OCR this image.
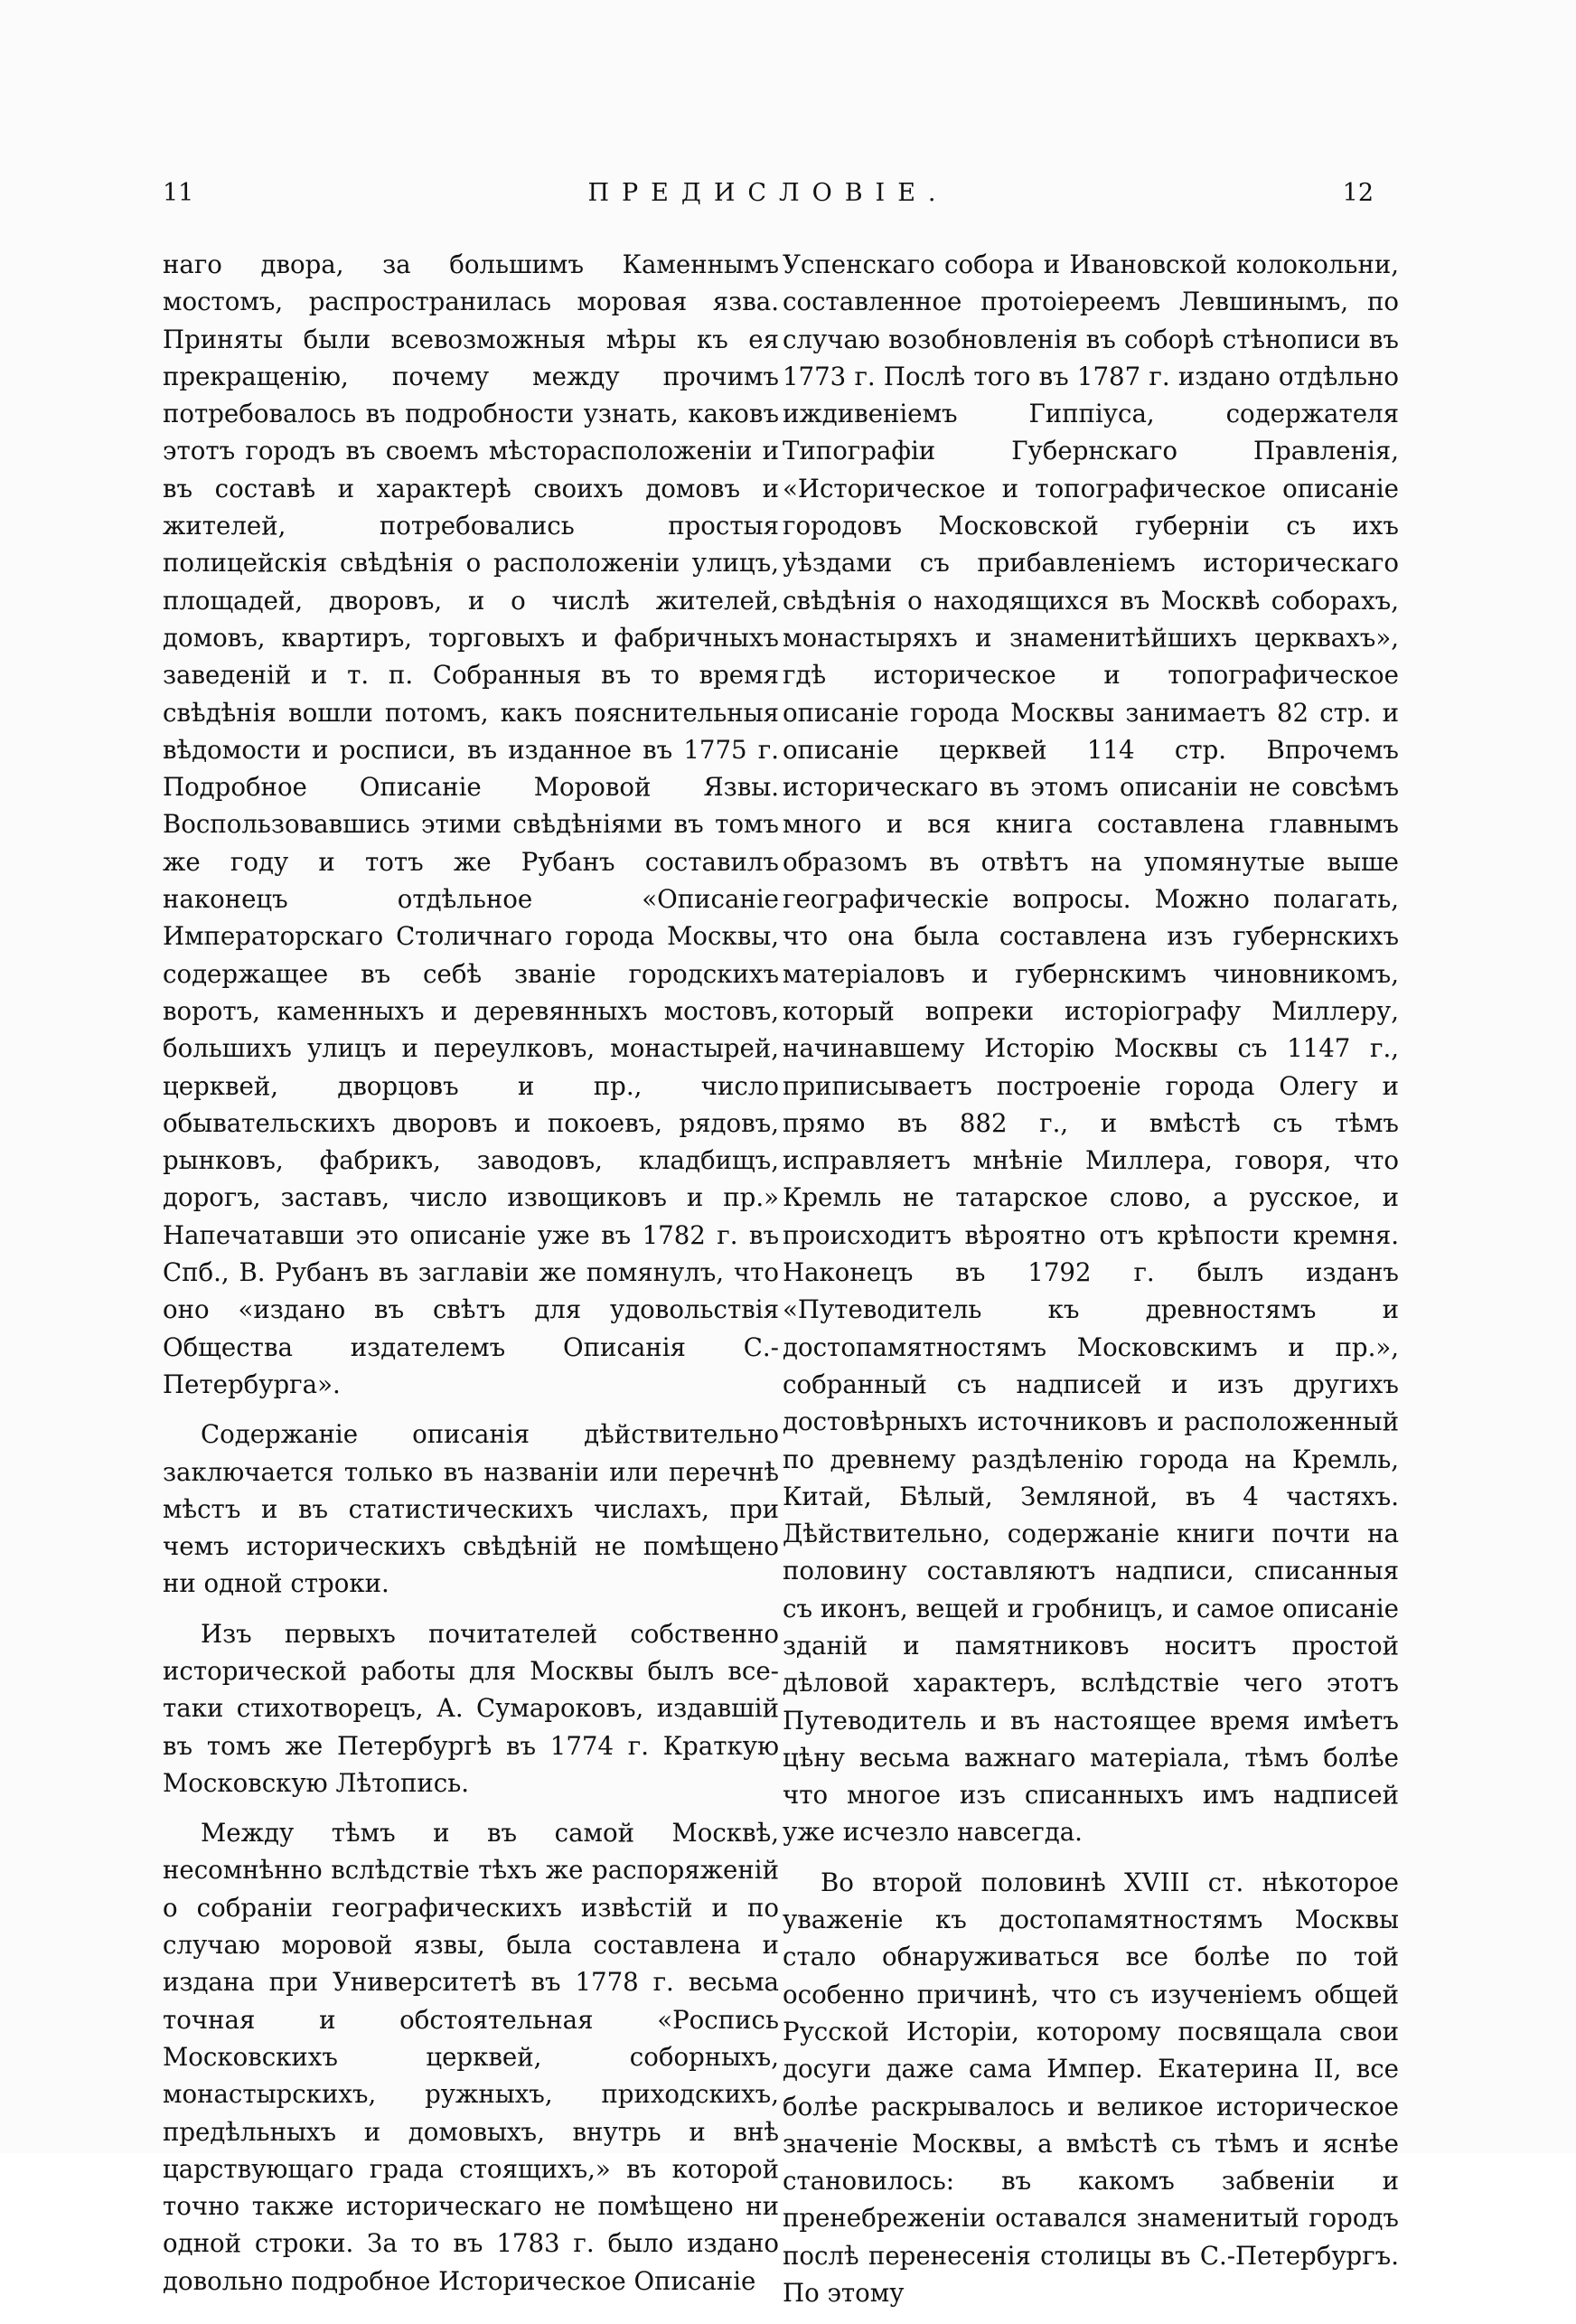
11	ПРЕДИСЛОВІЕ.	12

наго двора, за большимъ Каменнымъ мостомъ, распространилась моровая язва. Приняты были всевозможныя мѣры къ ея прекращенію, почему между прочимъ потребовалось въ подробности узнать, каковъ этотъ городъ въ своемъ мѣсторасположеніи и въ составѣ и характерѣ своихъ домовъ и жителей, потребовались простыя полицейскія свѣдѣнія о расположеніи улицъ, площадей, дворовъ, и о числѣ жителей, домовъ, квартиръ, торговыхъ и фабричныхъ заведеній и т. п. Собранныя въ то время свѣдѣнія вошли потомъ, какъ пояснительныя вѣдомости и росписи, въ изданное въ 1775 г. Подробное Описаніе Моровой Язвы. Воспользовавшись этими свѣдѣніями въ томъ же году и тотъ же Рубанъ составилъ наконецъ отдѣльное «Описаніе Императорскаго Столичнаго города Москвы, содержащее въ себѣ званіе городскихъ воротъ, каменныхъ и деревянныхъ мостовъ, большихъ улицъ и переулковъ, монастырей, церквей, дворцовъ и пр., число обывательскихъ дворовъ и покоевъ, рядовъ, рынковъ, фабрикъ, заводовъ, кладбищъ, дорогъ, заставъ, число извощиковъ и пр.» Напечатавши это описаніе уже въ 1782 г. въ Спб., В. Рубанъ въ заглавіи же помянулъ, что оно «издано въ свѣтъ для удовольствія Общества издателемъ Описанія С.-Петербурга».

Содержаніе описанія дѣйствительно заключается только въ названіи или перечнѣ мѣстъ и въ статистическихъ числахъ, при чемъ историческихъ свѣдѣній не помѣщено ни одной строки.

Изъ первыхъ почитателей собственно исторической работы для Москвы былъ все-таки стихотворецъ, А. Сумароковъ, издавшій въ томъ же Петербургѣ въ 1774 г. Краткую Московскую Лѣтопись.

Между тѣмъ и въ самой Москвѣ, несомнѣнно вслѣдствіе тѣхъ же распоряженій о собраніи географическихъ извѣстій и по случаю моровой язвы, была составлена и издана при Университетѣ въ 1778 г. весьма точная и обстоятельная «Роспись Московскихъ церквей, соборныхъ, монастырскихъ, ружныхъ, приходскихъ, предѣльныхъ и домовыхъ, внутрь и внѣ царствующаго града стоящихъ,» въ которой точно также историческаго не помѣщено ни одной строки. За то въ 1783 г. было издано довольно подробное Историческое Описаніе

Успенскаго собора и Ивановской колокольни, составленное протоіереемъ Левшинымъ, по случаю возобновленія въ соборѣ стѣнописи въ 1773 г. Послѣ того въ 1787 г. издано отдѣльно иждивеніемъ Гиппіуса, содержателя Типографіи Губернскаго Правленія, «Историческое и топографическое описаніе городовъ Московской губерніи съ ихъ уѣздами съ прибавленіемъ историческаго свѣдѣнія о находящихся въ Москвѣ соборахъ, монастыряхъ и знаменитѣйшихъ церквахъ», гдѣ историческое и топографическое описаніе города Москвы занимаетъ 82 стр. и описаніе церквей 114 стр. Впрочемъ историческаго въ этомъ описаніи не совсѣмъ много и вся книга составлена главнымъ образомъ въ отвѣтъ на упомянутые выше географическіе вопросы. Можно полагать, что она была составлена изъ губернскихъ матеріаловъ и губернскимъ чиновникомъ, который вопреки исторіографу Миллеру, начинавшему Исторію Москвы съ 1147 г., приписываетъ построеніе города Олегу и прямо въ 882 г., и вмѣстѣ съ тѣмъ исправляетъ мнѣніе Миллера, говоря, что Кремль не татарское слово, а русское, и происходитъ вѣроятно отъ крѣпости кремня. Наконецъ въ 1792 г. былъ изданъ «Путеводитель къ древностямъ и достопамятностямъ Московскимъ и пр.», собранный съ надписей и изъ другихъ достовѣрныхъ источниковъ и расположенный по древнему раздѣленію города на Кремль, Китай, Бѣлый, Земляной, въ 4 частяхъ. Дѣйствительно, содержаніе книги почти на половину составляютъ надписи, списанныя съ иконъ, вещей и гробницъ, и самое описаніе зданій и памятниковъ носитъ простой дѣловой характеръ, вслѣдствіе чего этотъ Путеводитель и въ настоящее время имѣетъ цѣну весьма важнаго матеріала, тѣмъ болѣе что многое изъ списанныхъ имъ надписей уже исчезло навсегда.

Во второй половинѣ XVIII ст. нѣкоторое уваженіе къ достопамятностямъ Москвы стало обнаруживаться все болѣе по той особенно причинѣ, что съ изученіемъ общей Русской Исторіи, которому посвящала свои досуги даже сама Импер. Екатерина II, все болѣе раскрывалось и великое историческое значеніе Москвы, а вмѣстѣ съ тѣмъ и яснѣе становилось: въ какомъ забвеніи и пренебреженіи оставался знаменитый городъ послѣ перенесенія столицы въ С.-Петербургъ. По этому
